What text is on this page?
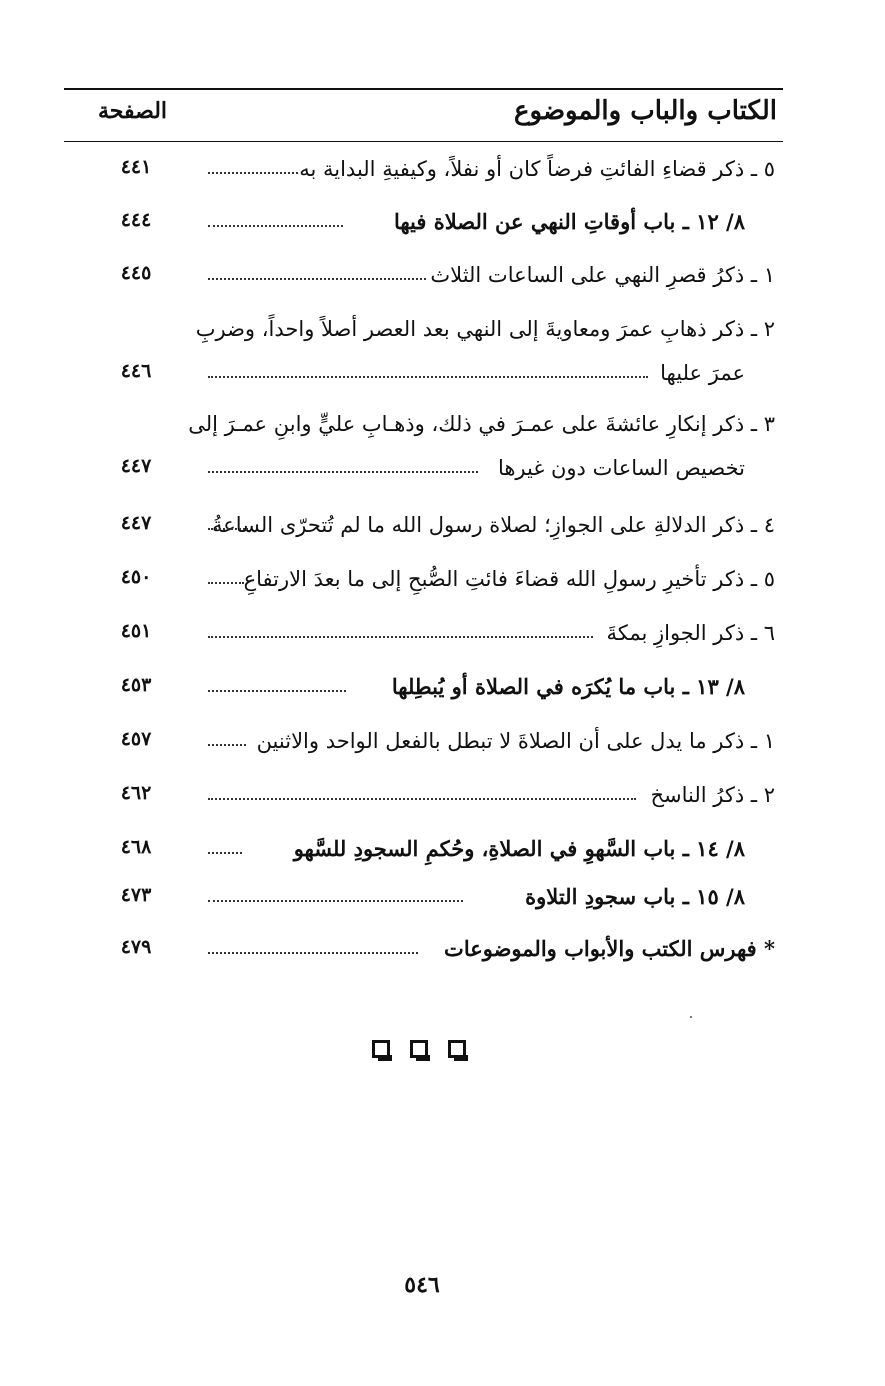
الكتاب والباب والموضوع
الصفحة
٥ ـ ذكر قضاءِ الفائتِ فرضاً كان أو نفلاً، وكيفيةِ البداية به
٤٤١
٨/ ١٢ ـ باب أوقاتِ النهي عن الصلاة فيها
٤٤٤
١ ـ ذكرُ قصرِ النهي على الساعات الثلاث
٤٤٥
٢ ـ ذكر ذهابِ عمرَ ومعاويةَ إلى النهي بعد العصر أصلاً واحداً، وضربِ
عمرَ عليها
٤٤٦
٣ ـ ذكر إنكارِ عائشةَ على عمـرَ في ذلك، وذهـابِ عليٍّ وابنِ عمـرَ إلى
تخصيص الساعات دون غيرها
٤٤٧
٤ ـ ذكر الدلالةِ على الجوازِ؛ لصلاة رسول الله ما لم تُتحرّى الساعةُ
٤٤٧
٥ ـ ذكر تأخيرِ رسولِ الله قضاءَ فائتِ الصُّبحِ إلى ما بعدَ الارتفاعِ
٤٥٠
٦ ـ ذكر الجوازِ بمكةَ
٤٥١
٨/ ١٣ ـ باب ما يُكرَه في الصلاة أو يُبطِلها
٤٥٣
١ ـ ذكر ما يدل على أن الصلاةَ لا تبطل بالفعل الواحد والاثنين
٤٥٧
٢ ـ ذكرُ الناسخ
٤٦٢
٨/ ١٤ ـ باب السَّهوِ في الصلاةِ، وحُكمِ السجودِ للسَّهو
٤٦٨
٨/ ١٥ ـ باب سجودِ التلاوة
٤٧٣
* فهرس الكتب والأبواب والموضوعات
٤٧٩
٥٤٦
